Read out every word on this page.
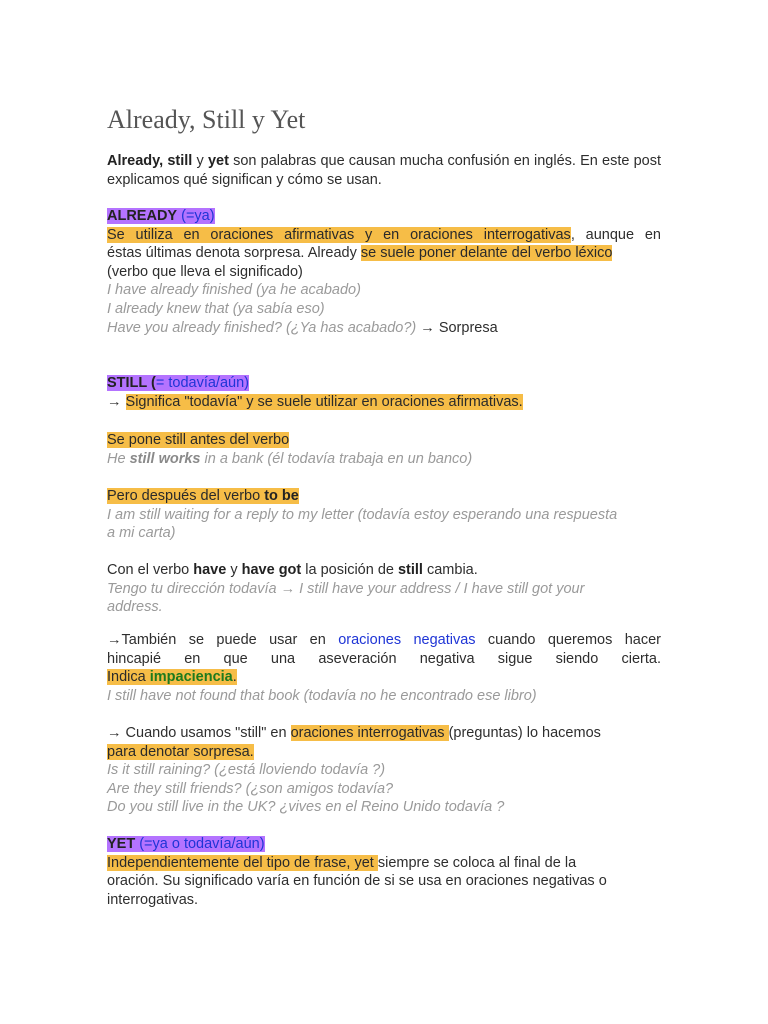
Already, Still y Yet
Already, still y yet son palabras que causan mucha confusión en inglés. En este post explicamos qué significan y cómo se usan.
ALREADY (=ya)
Se utiliza en oraciones afirmativas y en oraciones interrogativas, aunque en
éstas últimas denota sorpresa. Already se suele poner delante del verbo léxico
(verbo que lleva el significado)
I have already finished (ya he acabado)
I already knew that (ya sabía eso)
Have you already finished? (¿Ya has acabado?) → Sorpresa
STILL (= todavía/aún)
→ Significa "todavía" y se suele utilizar en oraciones afirmativas.
Se pone still antes del verbo
He still works in a bank (él todavía trabaja en un banco)
Pero después del verbo to be
I am still waiting for a reply to my letter (todavía estoy esperando una respuesta
a mi carta)
Con el verbo have y have got la posición de still cambia.
Tengo tu dirección todavía → I still have your address / I have still got your
address.
→También se puede usar en oraciones negativas cuando queremos hacer
hincapié en que una aseveración negativa sigue siendo cierta.
Indica impaciencia.
I still have not found that book (todavía no he encontrado ese libro)
→ Cuando usamos "still" en oraciones interrogativas (preguntas) lo hacemos
para denotar sorpresa.
Is it still raining? (¿está lloviendo todavía ?)
Are they still friends? (¿son amigos todavía?
Do you still live in the UK? ¿vives en el Reino Unido todavía ?
YET (=ya o todavía/aún)
Independientemente del tipo de frase, yet siempre se coloca al final de la
oración. Su significado varía en función de si se usa en oraciones negativas o
interrogativas.
